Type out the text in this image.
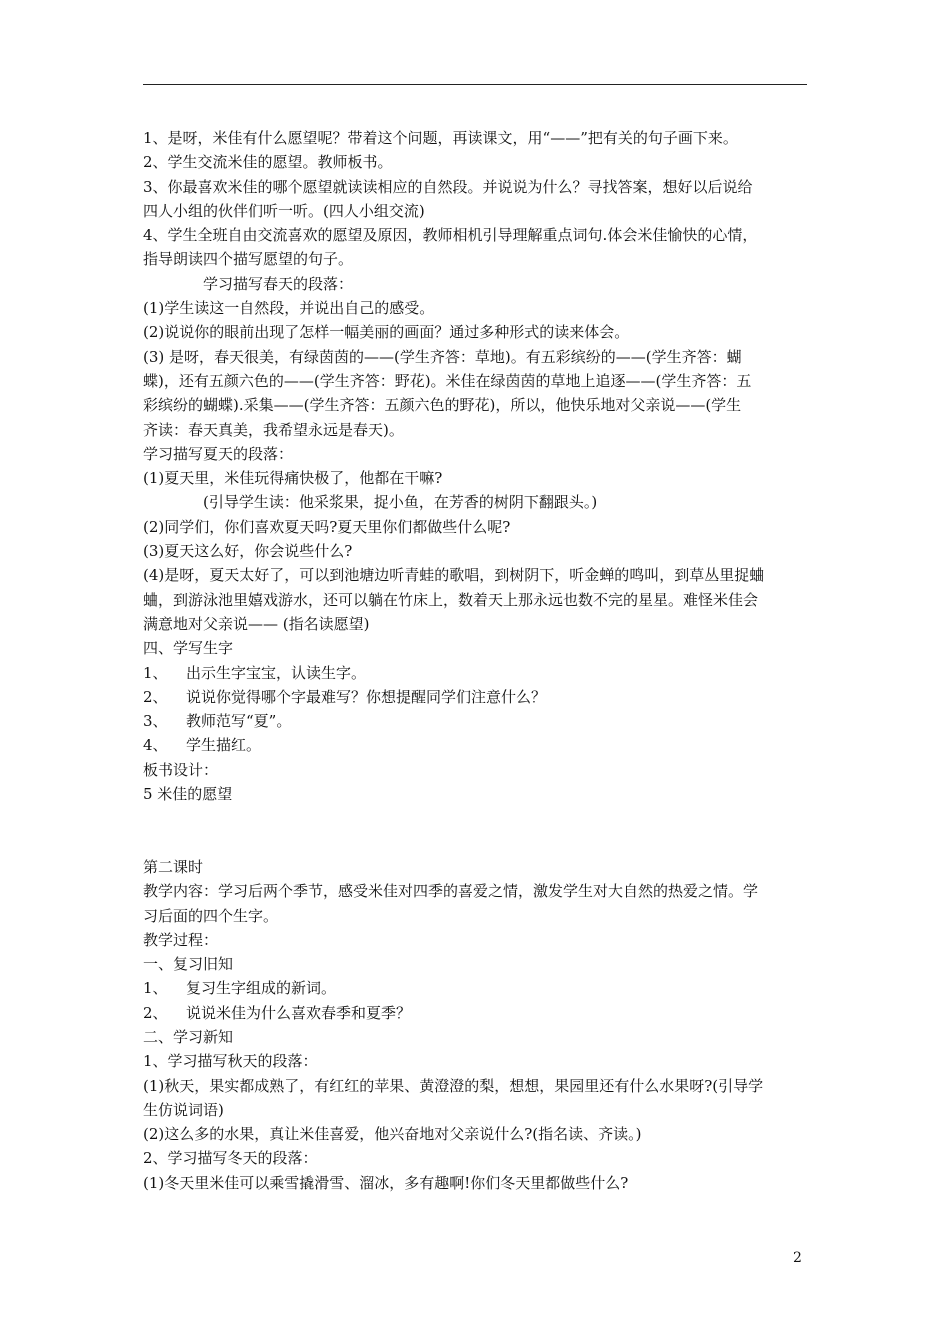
1、是呀，米佳有什么愿望呢？带着这个问题，再读课文，用“——”把有关的句子画下来。
2、学生交流米佳的愿望。教师板书。
3、你最喜欢米佳的哪个愿望就读读相应的自然段。并说说为什么？寻找答案，想好以后说给
四人小组的伙伴们听一听。(四人小组交流)
4、学生全班自由交流喜欢的愿望及原因，教师相机引导理解重点词句.体会米佳愉快的心情，
指导朗读四个描写愿望的句子。
学习描写春天的段落：
(1)学生读这一自然段，并说出自己的感受。
(2)说说你的眼前出现了怎样一幅美丽的画面？通过多种形式的读来体会。
(3) 是呀，春天很美，有绿茵茵的——(学生齐答：草地)。有五彩缤纷的——(学生齐答：蝴
蝶)，还有五颜六色的——(学生齐答：野花)。米佳在绿茵茵的草地上追逐——(学生齐答：五
彩缤纷的蝴蝶).采集——(学生齐答：五颜六色的野花)，所以，他快乐地对父亲说——(学生
齐读：春天真美，我希望永远是春天)。
学习描写夏天的段落：
(1)夏天里，米佳玩得痛快极了，他都在干嘛?
(引导学生读：他采浆果，捉小鱼，在芳香的树阴下翻跟头。)
(2)同学们，你们喜欢夏天吗?夏天里你们都做些什么呢?
(3)夏天这么好，你会说些什么?
(4)是呀，夏天太好了，可以到池塘边听青蛙的歌唱，到树阴下，听金蝉的鸣叫，到草丛里捉蛐
蛐，到游泳池里嬉戏游水，还可以躺在竹床上，数着天上那永远也数不完的星星。难怪米佳会
满意地对父亲说—— (指名读愿望)
四、学写生字
1、 出示生字宝宝，认读生字。
2、 说说你觉得哪个字最难写？你想提醒同学们注意什么？
3、 教师范写“夏”。
4、 学生描红。
板书设计：
5 米佳的愿望
第二课时
教学内容：学习后两个季节，感受米佳对四季的喜爱之情，激发学生对大自然的热爱之情。学
习后面的四个生字。
教学过程：
一、复习旧知
1、 复习生字组成的新词。
2、 说说米佳为什么喜欢春季和夏季？
二、学习新知
1、学习描写秋天的段落：
(1)秋天，果实都成熟了，有红红的苹果、黄澄澄的梨，想想，果园里还有什么水果呀?(引导学
生仿说词语)
(2)这么多的水果，真让米佳喜爱，他兴奋地对父亲说什么?(指名读、齐读。)
2、学习描写冬天的段落：
(1)冬天里米佳可以乘雪撬滑雪、溜冰，多有趣啊!你们冬天里都做些什么?
2
